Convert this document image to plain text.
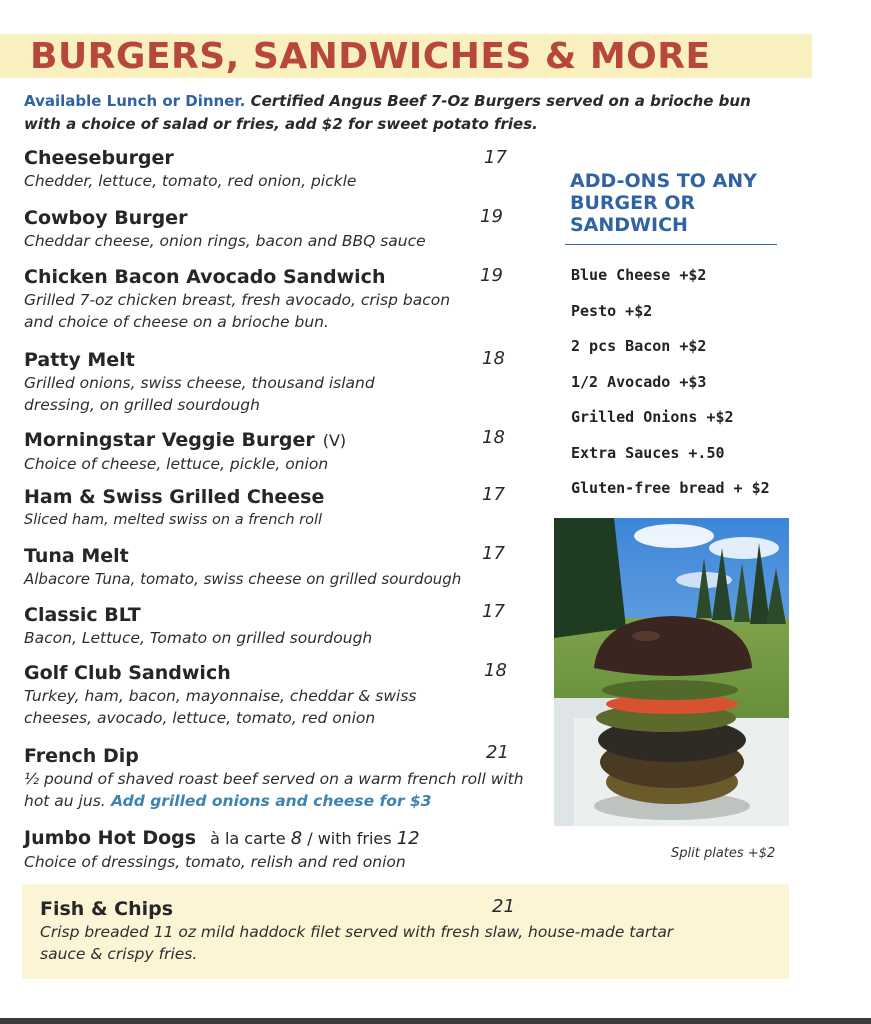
BURGERS, SANDWICHES & MORE
Available Lunch or Dinner. Certified Angus Beef 7-Oz Burgers served on a brioche bun with a choice of salad or fries, add $2 for sweet potato fries.
Cheeseburger
Chedder, lettuce, tomato, red onion, pickle
17
Cowboy Burger
Cheddar cheese, onion rings, bacon and BBQ sauce
19
Chicken Bacon Avocado Sandwich
Grilled 7-oz chicken breast, fresh avocado, crisp bacon and choice of cheese on a brioche bun.
19
Patty Melt
Grilled onions, swiss cheese, thousand island dressing, on grilled sourdough
18
Morningstar Veggie Burger (V)
Choice of cheese, lettuce, pickle, onion
18
Ham & Swiss Grilled Cheese
Sliced ham, melted swiss on a french roll
17
Tuna Melt
Albacore Tuna, tomato, swiss cheese on grilled sourdough
17
Classic BLT
Bacon, Lettuce, Tomato on grilled sourdough
17
Golf Club Sandwich
Turkey, ham, bacon, mayonnaise, cheddar & swiss cheeses, avocado, lettuce, tomato, red onion
18
French Dip
½ pound of shaved roast beef served on a warm french roll with hot au jus. Add grilled onions and cheese for $3
21
Jumbo Hot Dogs à la carte 8 / with fries 12
Choice of dressings, tomato, relish and red onion
ADD-ONS TO ANY BURGER OR SANDWICH
Blue Cheese +$2
Pesto +$2
2 pcs Bacon +$2
1/2 Avocado +$3
Grilled Onions +$2
Extra Sauces +.50
Gluten-free bread + $2
Split plates +$2
Fish & Chips
Crisp breaded 11 oz mild haddock filet served with fresh slaw, house-made tartar sauce & crispy fries.
21
